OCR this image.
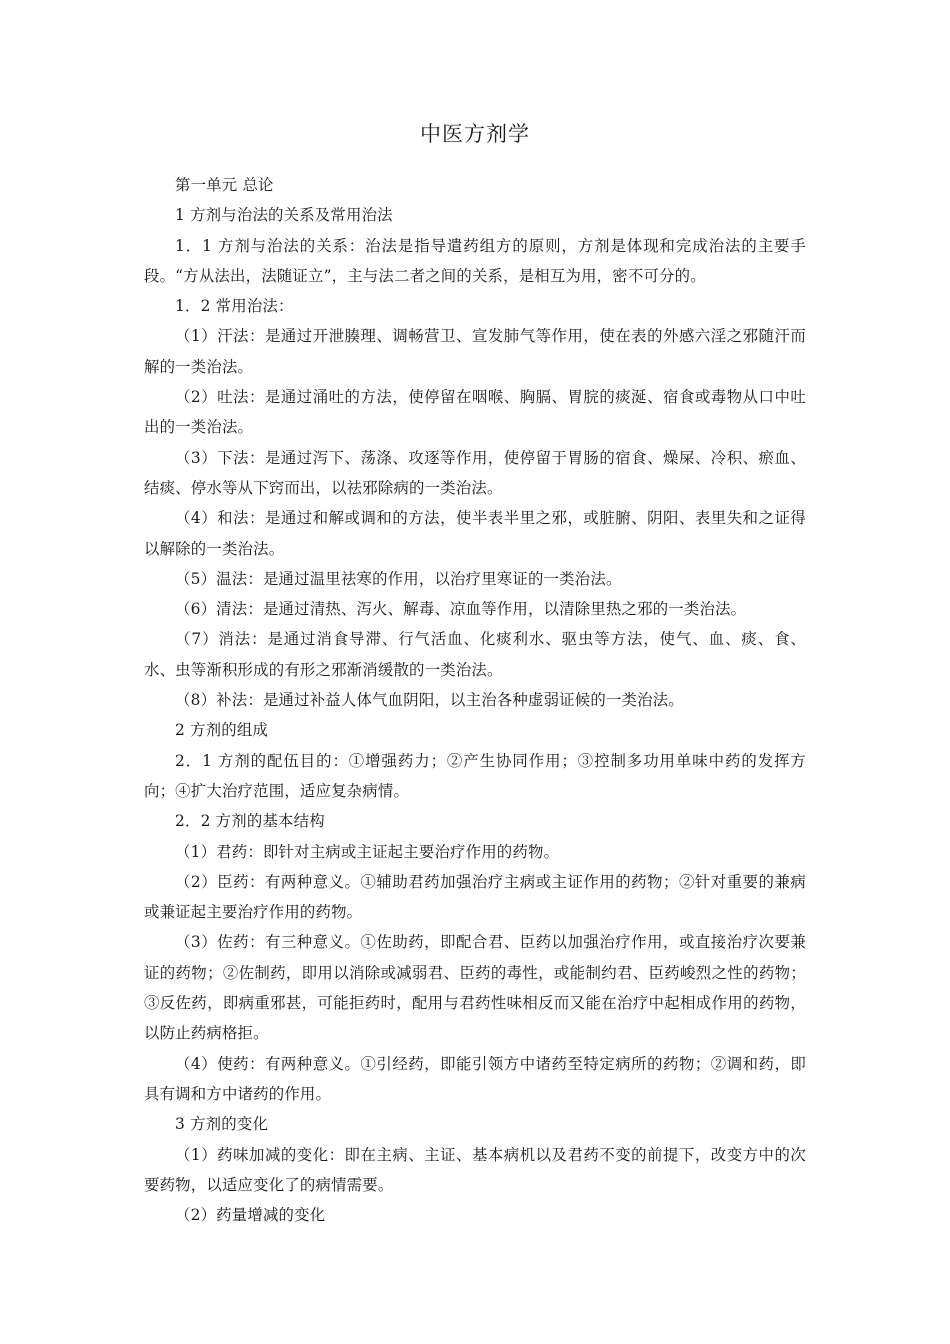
中医方剂学

第一单元 总论

1 方剂与治法的关系及常用治法

1．1 方剂与治法的关系：治法是指导遣药组方的原则，方剂是体现和完成治法的主要手段。“方从法出，法随证立”，主与法二者之间的关系，是相互为用，密不可分的。

1．2 常用治法：

（1）汗法：是通过开泄腠理、调畅营卫、宣发肺气等作用，使在表的外感六淫之邪随汗而解的一类治法。

（2）吐法：是通过涌吐的方法，使停留在咽喉、胸膈、胃脘的痰涎、宿食或毒物从口中吐出的一类治法。

（3）下法：是通过泻下、荡涤、攻逐等作用，使停留于胃肠的宿食、燥屎、冷积、瘀血、结痰、停水等从下窍而出，以祛邪除病的一类治法。

（4）和法：是通过和解或调和的方法，使半表半里之邪，或脏腑、阴阳、表里失和之证得以解除的一类治法。

（5）温法：是通过温里祛寒的作用，以治疗里寒证的一类治法。

（6）清法：是通过清热、泻火、解毒、凉血等作用，以清除里热之邪的一类治法。

（7）消法：是通过消食导滞、行气活血、化痰利水、驱虫等方法，使气、血、痰、食、水、虫等渐积形成的有形之邪渐消缓散的一类治法。

（8）补法：是通过补益人体气血阴阳，以主治各种虚弱证候的一类治法。

2 方剂的组成

2．1 方剂的配伍目的：①增强药力；②产生协同作用；③控制多功用单味中药的发挥方向；④扩大治疗范围，适应复杂病情。

2．2 方剂的基本结构

（1）君药：即针对主病或主证起主要治疗作用的药物。

（2）臣药：有两种意义。①辅助君药加强治疗主病或主证作用的药物；②针对重要的兼病或兼证起主要治疗作用的药物。

（3）佐药：有三种意义。①佐助药，即配合君、臣药以加强治疗作用，或直接治疗次要兼证的药物；②佐制药，即用以消除或减弱君、臣药的毒性，或能制约君、臣药峻烈之性的药物；③反佐药，即病重邪甚，可能拒药时，配用与君药性味相反而又能在治疗中起相成作用的药物，以防止药病格拒。

（4）使药：有两种意义。①引经药，即能引领方中诸药至特定病所的药物；②调和药，即具有调和方中诸药的作用。

3 方剂的变化

（1）药味加减的变化：即在主病、主证、基本病机以及君药不变的前提下，改变方中的次要药物，以适应变化了的病情需要。

（2）药量增减的变化
